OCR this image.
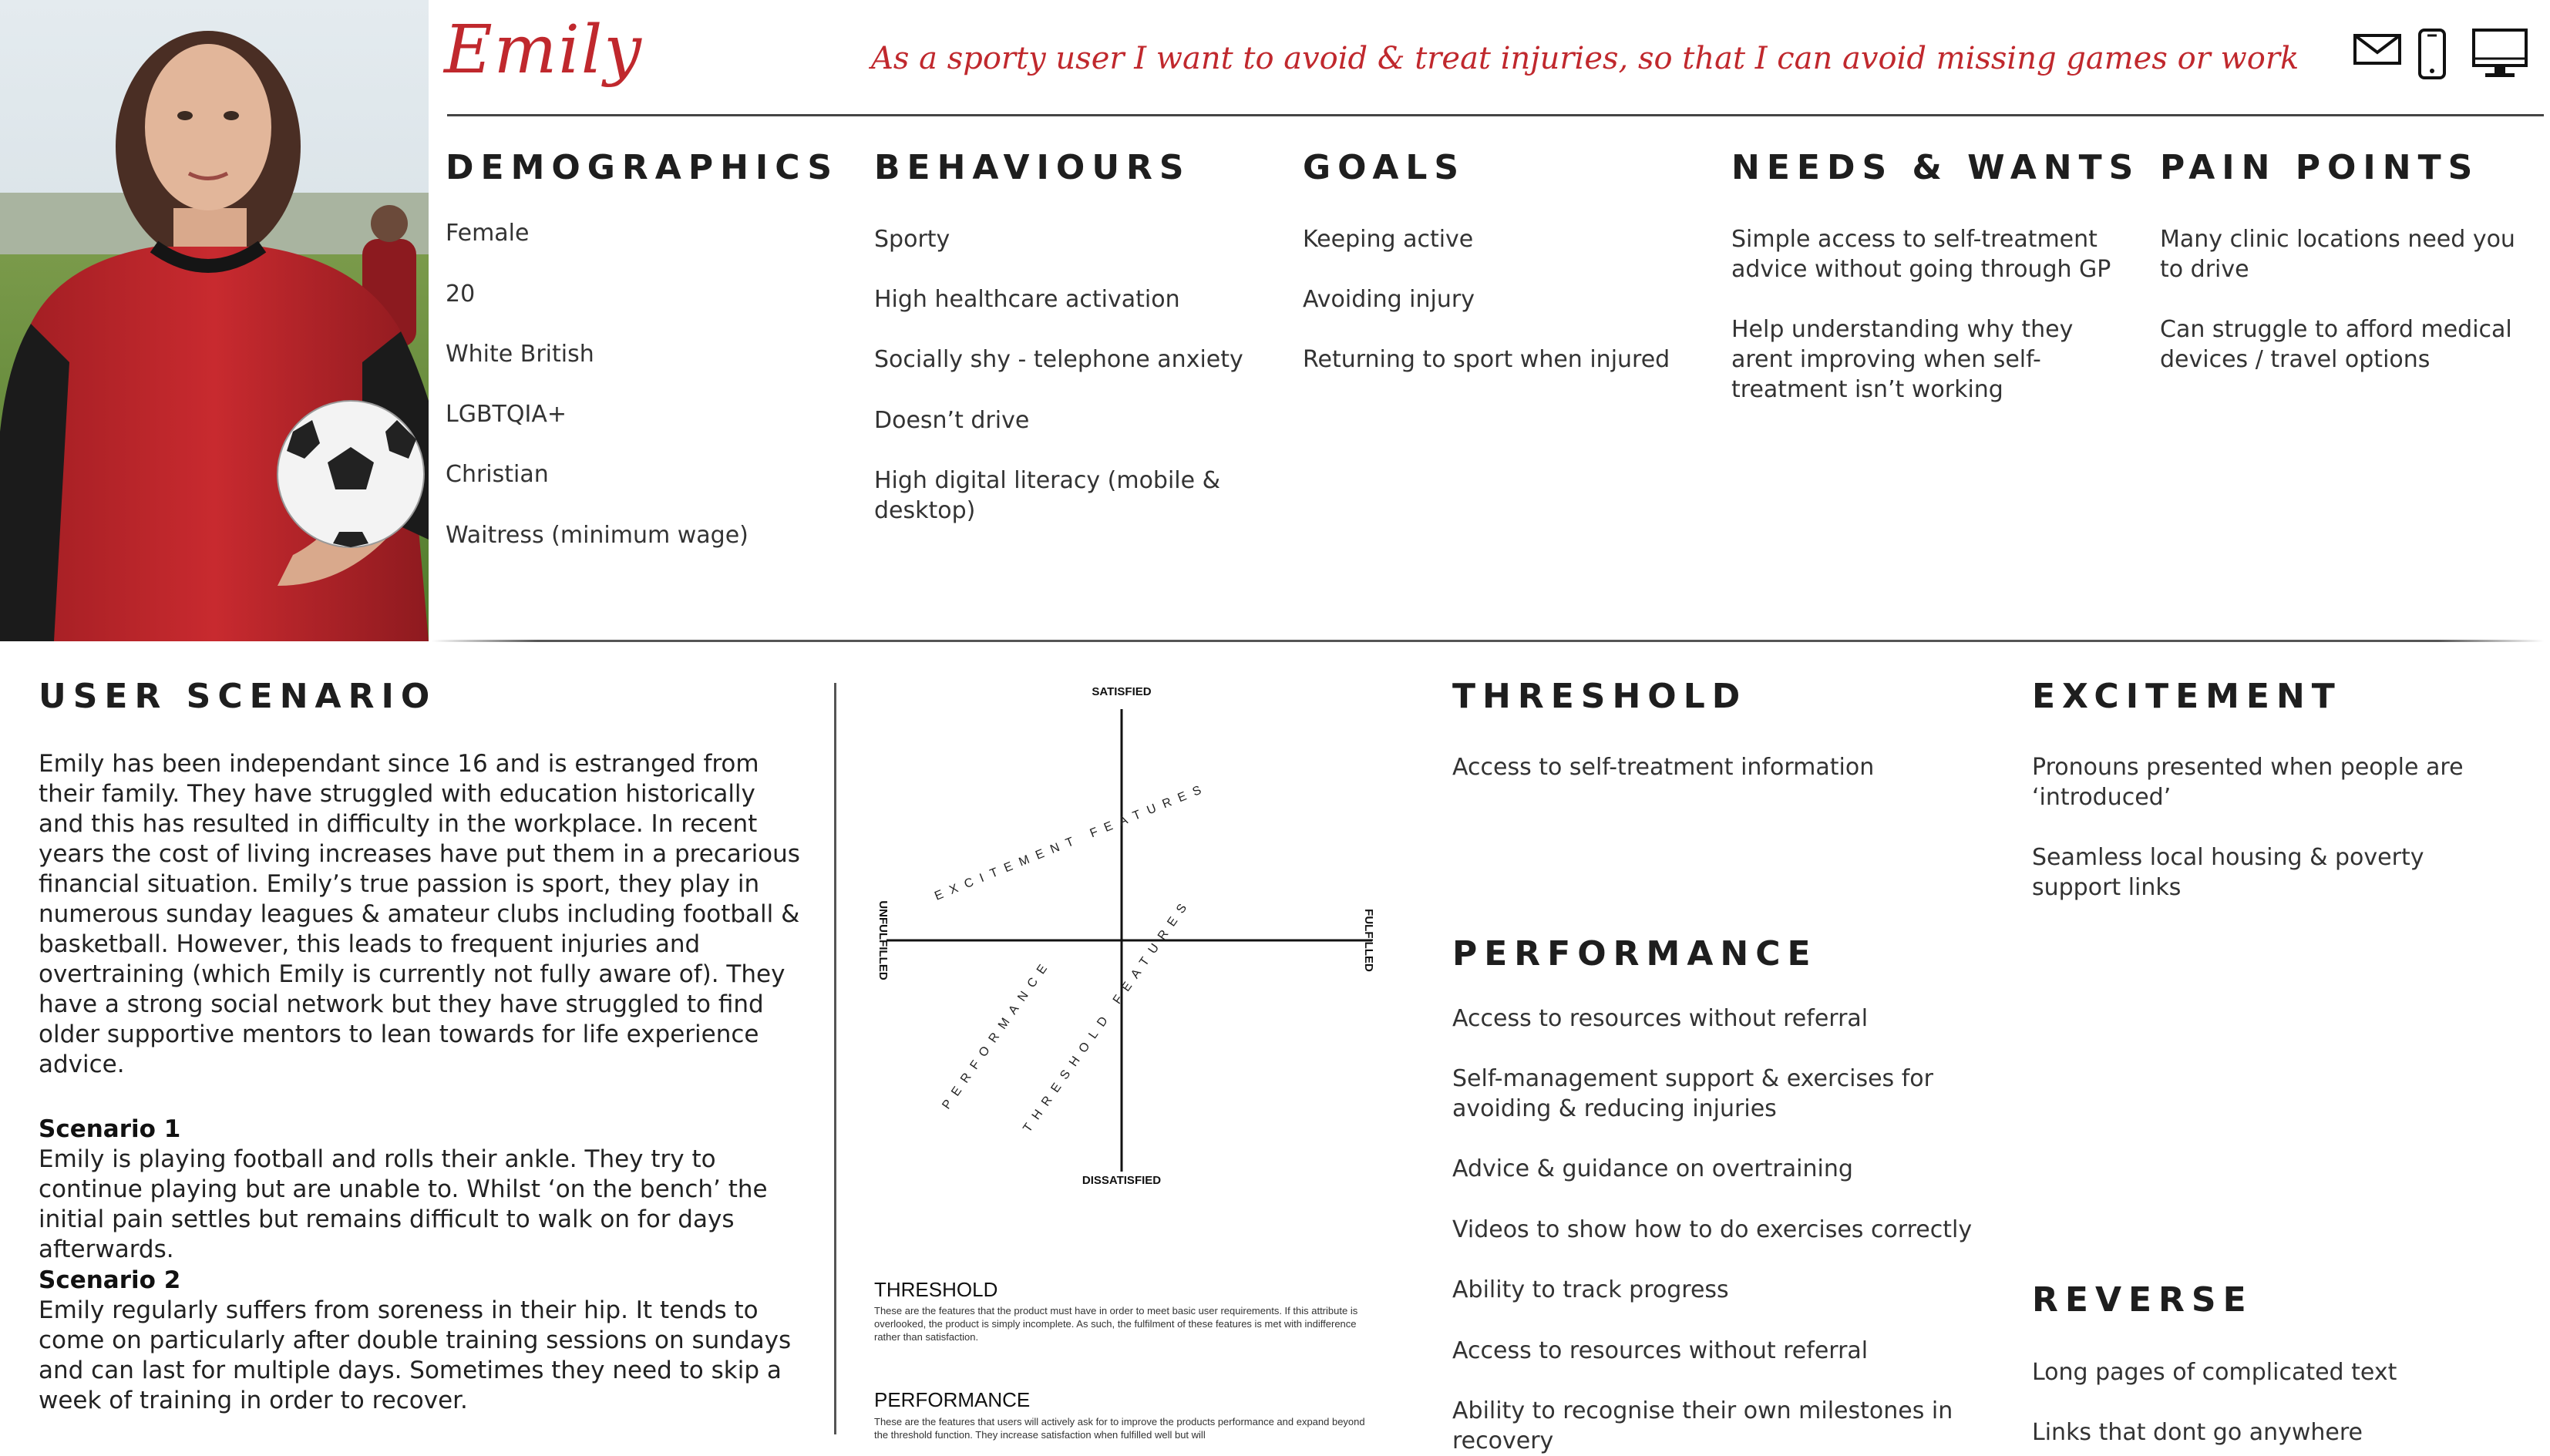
Emily	As a sporty user I want to avoid & treat injuries, so that I can avoid missing games or work
DEMOGRAPHICS
Female
20
White British
LGBTQIA+
Christian
Waitress (minimum wage)
BEHAVIOURS
Sporty
High healthcare activation
Socially shy - telephone anxiety
Doesn’t drive
High digital literacy (mobile & desktop)
GOALS
Keeping active
Avoiding injury
Returning to sport when injured
NEEDS & WANTS
Simple access to self-treatment advice without going through GP
Help understanding why they arent improving when self-treatment isn’t working
PAIN POINTS
Many clinic locations need you to drive
Can struggle to afford medical devices / travel options
USER SCENARIO
Emily has been independant since 16 and is estranged from their family. They have struggled with education historically and this has resulted in difficulty in the workplace. In recent years the cost of living increases have put them in a precarious financial situation. Emily’s true passion is sport, they play in numerous sunday leagues & amateur clubs including football & basketball. However, this leads to frequent injuries and overtraining (which Emily is currently not fully aware of). They have a strong social network but they have struggled to find older supportive mentors to lean towards for life experience advice.
Scenario 1
Emily is playing football and rolls their ankle. They try to continue playing but are unable to. Whilst ‘on the bench’ the initial pain settles but remains difficult to walk on for days afterwards.
Scenario 2
Emily regularly suffers from soreness in their hip. It tends to come on particularly after double training sessions on sundays and can last for multiple days. Sometimes they need to skip a week of training in order to recover.
SATISFIED
DISSATISFIED
UNFULFILLED	FULFILLED
EXCITEMENT FEATURES
PERFORMANCE
THRESHOLD FEATURES
THRESHOLD
These are the features that the product must have in order to meet basic user requirements. If this attribute is overlooked, the product is simply incomplete. As such, the fulfilment of these features is met with indifference rather than satisfaction.
PERFORMANCE
These are the features that users will actively ask for to improve the products performance and expand beyond the threshold function. They increase satisfaction when fulfilled well but will
THRESHOLD
Access to self-treatment information
PERFORMANCE
Access to resources without referral
Self-management support & exercises for avoiding & reducing injuries
Advice & guidance on overtraining
Videos to show how to do exercises correctly
Ability to track progress
Access to resources without referral
Ability to recognise their own milestones in recovery
EXCITEMENT
Pronouns presented when people are ‘introduced’
Seamless local housing & poverty support links
REVERSE
Long pages of complicated text
Links that dont go anywhere
